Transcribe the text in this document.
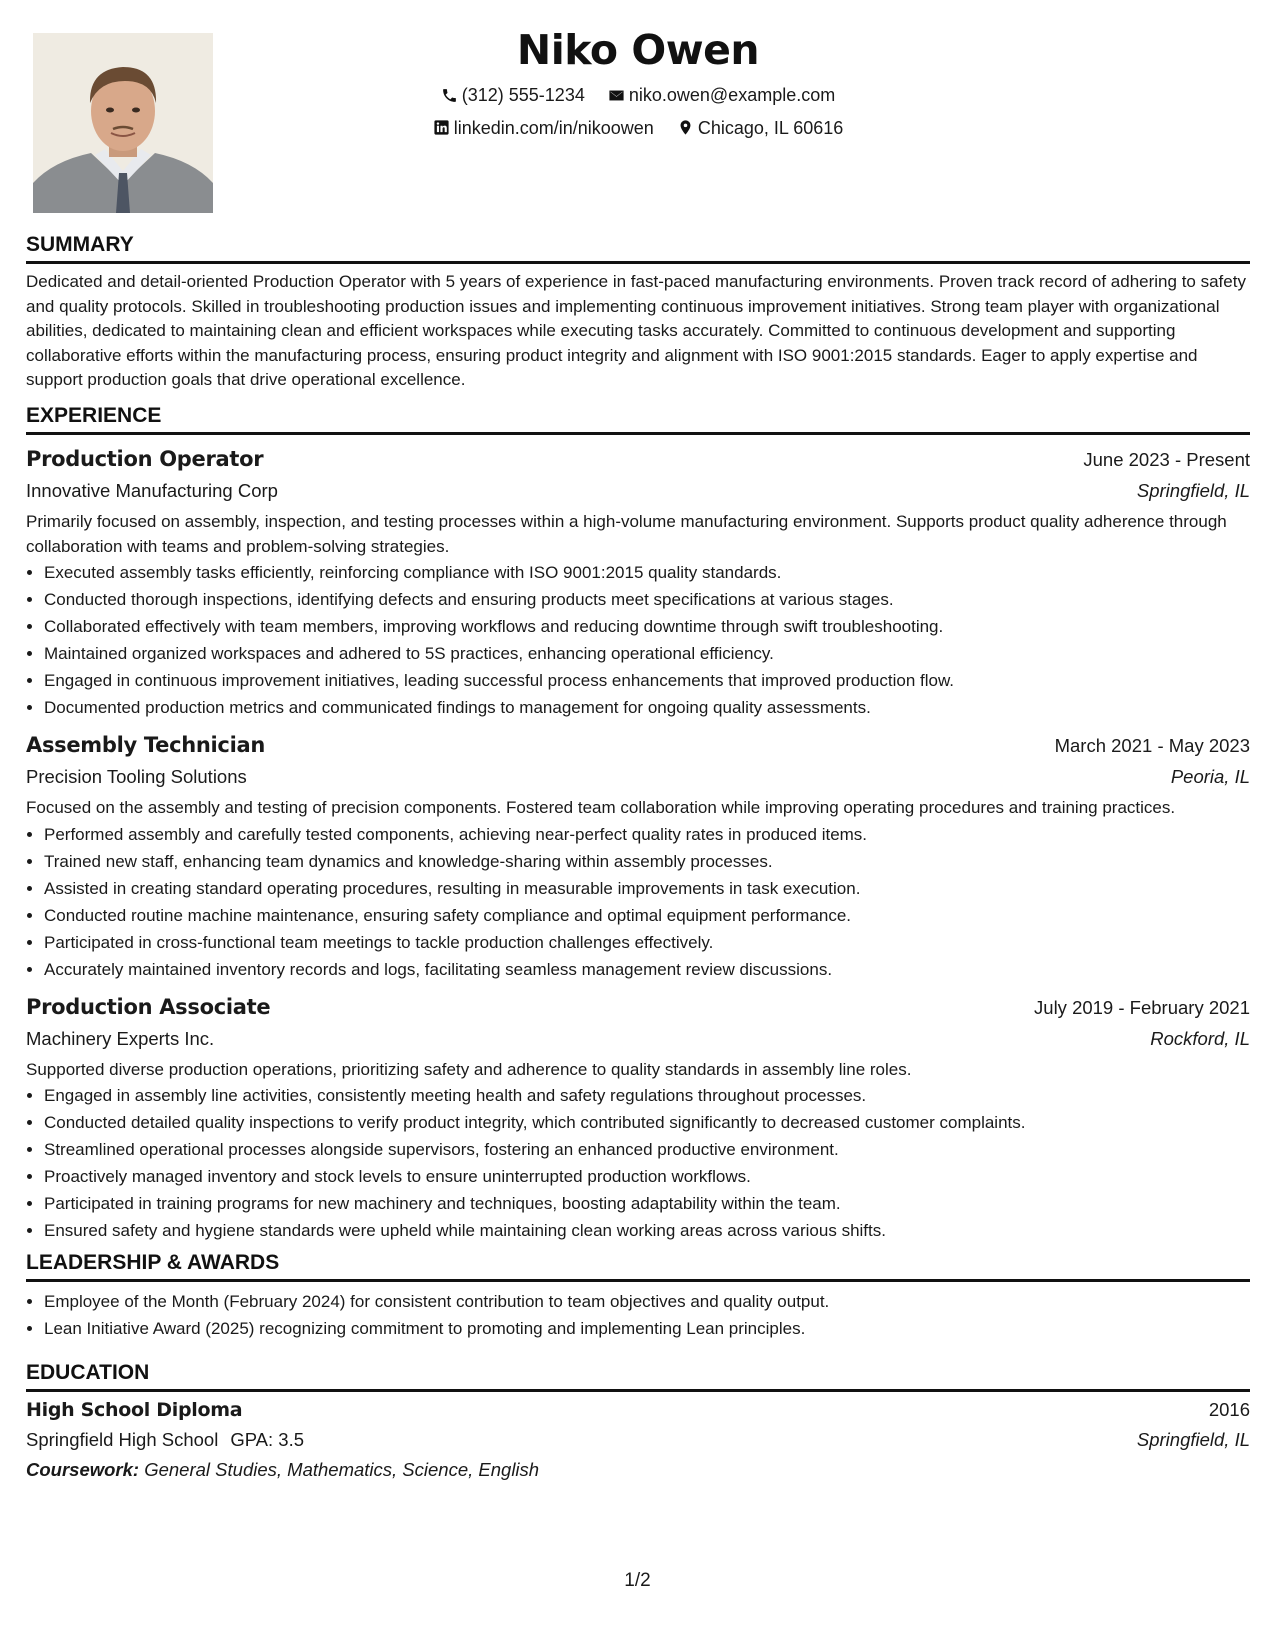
Niko Owen
(312) 555-1234
niko.owen@example.com
linkedin.com/in/nikoowen
Chicago, IL 60616
SUMMARY

Dedicated and detail-oriented Production Operator with 5 years of experience in fast-paced manufacturing environments. Proven track record of adhering to safety and quality protocols. Skilled in troubleshooting production issues and implementing continuous improvement initiatives. Strong team player with organizational abilities, dedicated to maintaining clean and efficient workspaces while executing tasks accurately. Committed to continuous development and supporting collaborative efforts within the manufacturing process, ensuring product integrity and alignment with ISO 9001:2015 standards. Eager to apply expertise and support production goals that drive operational excellence.

EXPERIENCE
Production Operator	June 2023 - Present
Innovative Manufacturing Corp	Springfield, IL

Primarily focused on assembly, inspection, and testing processes within a high-volume manufacturing environment. Supports product quality adherence through collaboration with teams and problem-solving strategies.

• Executed assembly tasks efficiently, reinforcing compliance with ISO 9001:2015 quality standards.
• Conducted thorough inspections, identifying defects and ensuring products meet specifications at various stages.
• Collaborated effectively with team members, improving workflows and reducing downtime through swift troubleshooting.
• Maintained organized workspaces and adhered to 5S practices, enhancing operational efficiency.
• Engaged in continuous improvement initiatives, leading successful process enhancements that improved production flow.
• Documented production metrics and communicated findings to management for ongoing quality assessments.
Assembly Technician	March 2021 - May 2023
Precision Tooling Solutions	Peoria, IL

Focused on the assembly and testing of precision components. Fostered team collaboration while improving operating procedures and training practices.

• Performed assembly and carefully tested components, achieving near-perfect quality rates in produced items.
• Trained new staff, enhancing team dynamics and knowledge-sharing within assembly processes.
• Assisted in creating standard operating procedures, resulting in measurable improvements in task execution.
• Conducted routine machine maintenance, ensuring safety compliance and optimal equipment performance.
• Participated in cross-functional team meetings to tackle production challenges effectively.
• Accurately maintained inventory records and logs, facilitating seamless management review discussions.
Production Associate	July 2019 - February 2021
Machinery Experts Inc.	Rockford, IL

Supported diverse production operations, prioritizing safety and adherence to quality standards in assembly line roles.

• Engaged in assembly line activities, consistently meeting health and safety regulations throughout processes.
• Conducted detailed quality inspections to verify product integrity, which contributed significantly to decreased customer complaints.
• Streamlined operational processes alongside supervisors, fostering an enhanced productive environment.
• Proactively managed inventory and stock levels to ensure uninterrupted production workflows.
• Participated in training programs for new machinery and techniques, boosting adaptability within the team.
• Ensured safety and hygiene standards were upheld while maintaining clean working areas across various shifts.
LEADERSHIP & AWARDS
• Employee of the Month (February 2024) for consistent contribution to team objectives and quality output.
• Lean Initiative Award (2025) recognizing commitment to promoting and implementing Lean principles.
EDUCATION
High School Diploma	2016
Springfield High School GPA: 3.5	Springfield, IL
Coursework: General Studies, Mathematics, Science, English
1/2
